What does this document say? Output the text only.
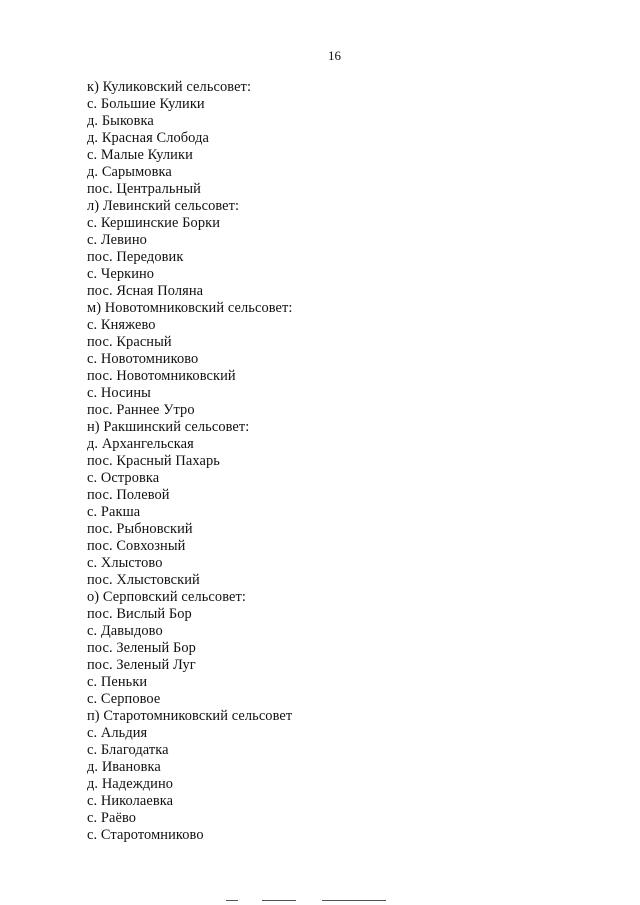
16
к) Куликовский сельсовет:
с. Большие Кулики
д. Быковка
д. Красная Слобода
с. Малые Кулики
д. Сарымовка
пос. Центральный
л) Левинский сельсовет:
с. Кершинские Борки
с. Левино
пос. Передовик
с. Черкино
пос. Ясная Поляна
м) Новотомниковский сельсовет:
с. Княжево
пос. Красный
с. Новотомниково
пос. Новотомниковский
с. Носины
пос. Раннее Утро
н) Ракшинский сельсовет:
д. Архангельская
пос. Красный Пахарь
с. Островка
пос. Полевой
с. Ракша
пос. Рыбновский
пос. Совхозный
с. Хлыстово
пос. Хлыстовский
о) Серповский сельсовет:
пос. Вислый Бор
с. Давыдово
пос. Зеленый Бор
пос. Зеленый Луг
с. Пеньки
с. Серповое
п) Старотомниковский сельсовет
с. Альдия
с. Благодатка
д. Ивановка
д. Надеждино
с. Николаевка
с. Раёво
с. Старотомниково
